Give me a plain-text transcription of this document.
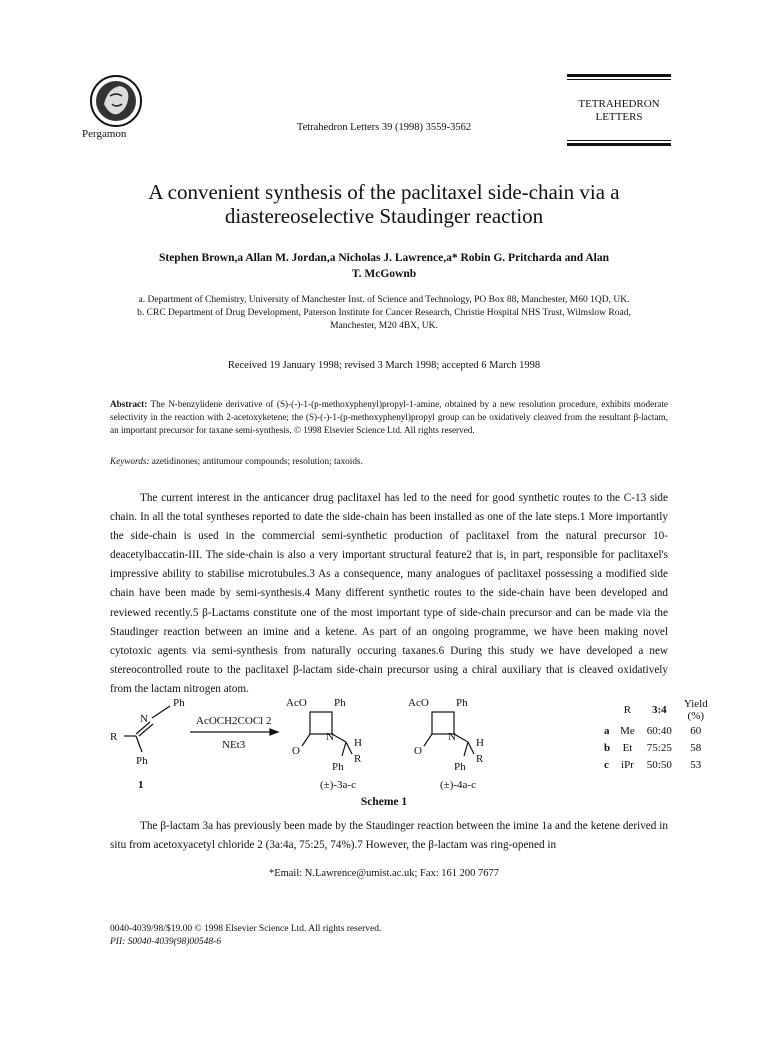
Pergamon
Tetrahedron Letters 39 (1998) 3559-3562
TETRAHEDRON
LETTERS
A convenient synthesis of the paclitaxel side-chain via a
diastereoselective Staudinger reaction
Stephen Brown,a Allan M. Jordan,a Nicholas J. Lawrence,a* Robin G. Pritcharda and Alan
T. McGownb
a. Department of Chemistry, University of Manchester Inst. of Science and Technology, PO Box 88, Manchester, M60 1QD, UK.
b. CRC Department of Drug Development, Paterson Institute for Cancer Research, Christie Hospital NHS Trust, Wilmslow Road,
Manchester, M20 4BX, UK.
Received 19 January 1998; revised 3 March 1998; accepted 6 March 1998
Abstract: The N-benzylidene derivative of (S)-(-)-1-(p-methoxyphenyl)propyl-1-amine, obtained by a new resolution procedure, exhibits moderate selectivity in the reaction with 2-acetoxyketene; the (S)-(-)-1-(p-methoxyphenyl)propyl group can be oxidatively cleaved from the resultant β-lactam, an important precursor for taxane semi-synthesis. © 1998 Elsevier Science Ltd. All rights reserved.
Keywords: azetidinones; antitumour compounds; resolution; taxoids.
The current interest in the anticancer drug paclitaxel has led to the need for good synthetic routes to the C-13 side chain. In all the total syntheses reported to date the side-chain has been installed as one of the late steps.1 More importantly the side-chain is used in the commercial semi-synthetic production of paclitaxel from the natural precursor 10-deacetylbaccatin-III. The side-chain is also a very important structural feature2 that is, in part, responsible for paclitaxel's impressive ability to stabilise microtubules.3 As a consequence, many analogues of paclitaxel possessing a modified side chain have been made by semi-synthesis.4 Many different synthetic routes to the side-chain have been developed and reviewed recently.5 β-Lactams constitute one of the most important type of side-chain precursor and can be made via the Staudinger reaction between an imine and a ketene. As part of an ongoing programme, we have been making novel cytotoxic agents via semi-synthesis from naturally occuring taxanes.6 During this study we have developed a new stereocontrolled route to the paclitaxel β-lactam side-chain precursor using a chiral auxiliary that is cleaved oxidatively from the lactam nitrogen atom.
Ph
N
R
Ph
1
AcOCH2COCl 2
NEt3
AcO Ph
N
O
H
R
Ph
(±)-3a-c
AcO Ph
N
O
H
R
Ph
(±)-4a-c
	R	3:4	Yield (%)
a	Me	60:40	60
b	Et	75:25	58
c	iPr	50:50	53
Scheme 1
The β-lactam 3a has previously been made by the Staudinger reaction between the imine 1a and the ketene derived in situ from acetoxyacetyl chloride 2 (3a:4a, 75:25, 74%).7 However, the β-lactam was ring-opened in
*Email: N.Lawrence@umist.ac.uk; Fax: 161 200 7677
0040-4039/98/$19.00 © 1998 Elsevier Science Ltd. All rights reserved.
PII: S0040-4039(98)00548-6
